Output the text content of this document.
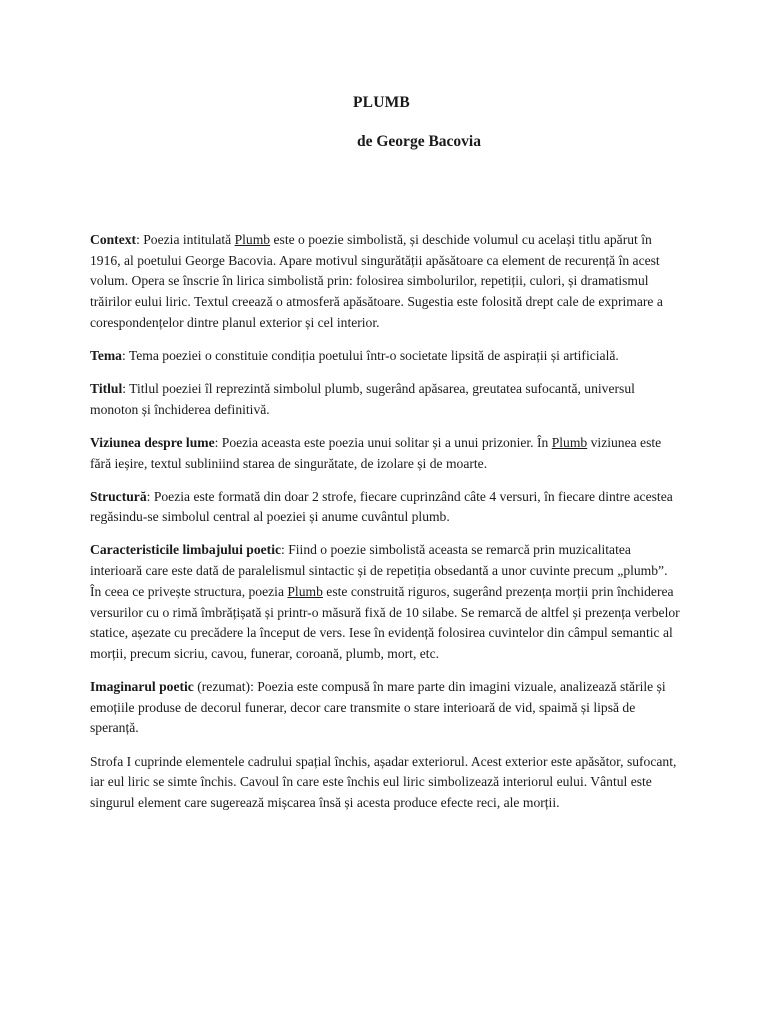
PLUMB
de George Bacovia

Context: Poezia intitulată Plumb este o poezie simbolistă, și deschide volumul cu același titlu apărut în 1916, al poetului George Bacovia. Apare motivul singurătății apăsătoare ca element de recurență în acest volum. Opera se înscrie în lirica simbolistă prin: folosirea simbolurilor, repetiții, culori, și dramatismul trăirilor eului liric. Textul creează o atmosferă apăsătoare. Sugestia este folosită drept cale de exprimare a corespondențelor dintre planul exterior și cel interior.

Tema: Tema poeziei o constituie condiția poetului într-o societate lipsită de aspirații și artificială.

Titlul: Titlul poeziei îl reprezintă simbolul plumb, sugerând apăsarea, greutatea sufocantă, universul monoton și închiderea definitivă.

Viziunea despre lume: Poezia aceasta este poezia unui solitar și a unui prizonier. În Plumb viziunea este fără ieșire, textul subliniind starea de singurătate, de izolare și de moarte.

Structură: Poezia este formată din doar 2 strofe, fiecare cuprinzând câte 4 versuri, în fiecare dintre acestea regăsindu-se simbolul central al poeziei și anume cuvântul plumb.

Caracteristicile limbajului poetic: Fiind o poezie simbolistă aceasta se remarcă prin muzicalitatea interioară care este dată de paralelismul sintactic și de repetiția obsedantă a unor cuvinte precum „plumb”. În ceea ce privește structura, poezia Plumb este construită riguros, sugerând prezența morții prin închiderea versurilor cu o rimă îmbrățișată și printr-o măsură fixă de 10 silabe. Se remarcă de altfel și prezența verbelor statice, așezate cu precădere la început de vers. Iese în evidență folosirea cuvintelor din câmpul semantic al morții, precum sicriu, cavou, funerar, coroană, plumb, mort, etc.

Imaginarul poetic (rezumat): Poezia este compusă în mare parte din imagini vizuale, analizează stările și emoțiile produse de decorul funerar, decor care transmite o stare interioară de vid, spaimă și lipsă de speranță.

Strofa I cuprinde elementele cadrului spațial închis, așadar exteriorul. Acest exterior este apăsător, sufocant, iar eul liric se simte închis. Cavoul în care este închis eul liric simbolizează interiorul eului. Vântul este singurul element care sugerează mișcarea însă și acesta produce efecte reci, ale morții.
